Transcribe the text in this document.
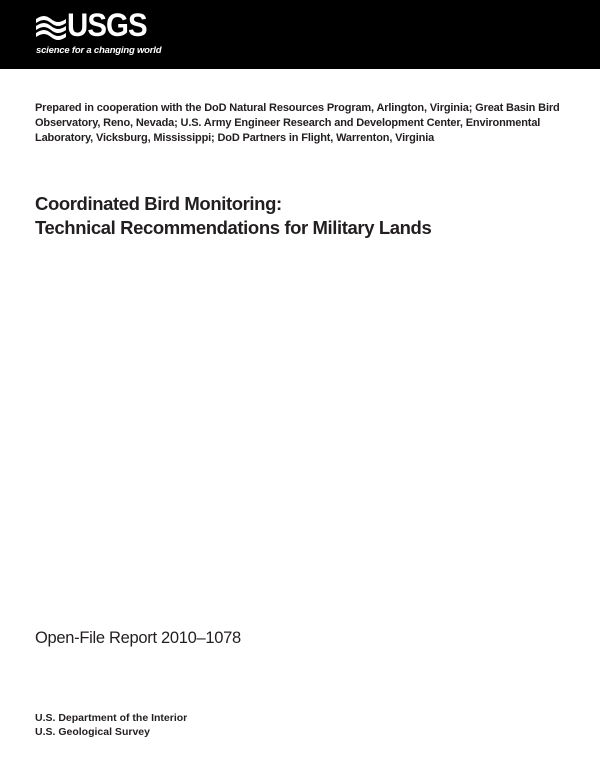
USGS
science for a changing world
Prepared in cooperation with the DoD Natural Resources Program, Arlington, Virginia; Great Basin Bird Observatory, Reno, Nevada; U.S. Army Engineer Research and Development Center, Environmental Laboratory, Vicksburg, Mississippi; DoD Partners in Flight, Warrenton, Virginia
Coordinated Bird Monitoring:
Technical Recommendations for Military Lands
Open-File Report 2010–1078
U.S. Department of the Interior
U.S. Geological Survey
